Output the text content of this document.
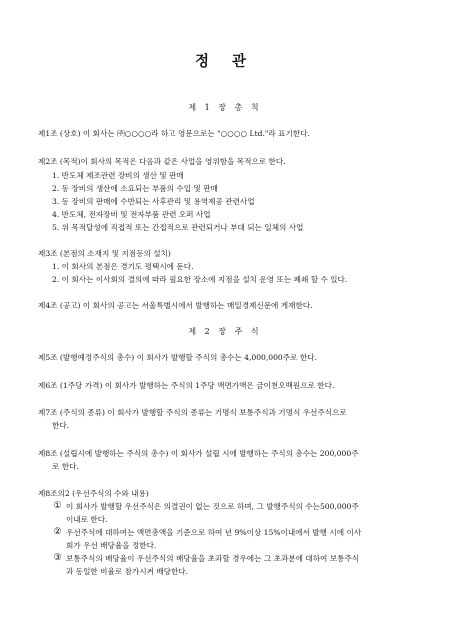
정 관
제 1 장 총 칙
제1조 (상호) 이 회사는 ㈜○○○○라 하고 영문으로는 "○○○○ Ltd."라 표기한다.
제2조 (목적)이 회사의 목적은 다음과 같은 사업을 영위함을 목적으로 한다.
1. 반도체 제조관련 장비의 생산 및 판매
2. 동 장비의 생산에 소요되는 부품의 수입 및 판매
3. 동 장비의 판매에 수반되는 사후관리 및 용역제공 관련사업
4. 반도체, 전자장비 및 전자부품 관련 오퍼 사업
5. 위 목적달성에 직접적 또는 간접적으로 관련되거나 부대 되는 일체의 사업
제3조 (본점의 소재지 및 지점등의 설치)
1. 이 회사의 본점은 경기도 평택시에 둔다.
2. 이 회사는 이사회의 결의에 따라 필요한 장소에 지점을 설치 운영 또는 폐쇄 할 수 있다.
제4조 (공고) 이 회사의 공고는 서울특별시에서 발행하는 매일경제신문에 게재한다.
제 2 장 주 식
제5조 (발행예정주식의 총수) 이 회사가 발행할 주식의 총수는 4,000,000주로 한다.
제6조 (1주당 가격) 이 회사가 발행하는 주식의 1주당 액면가액은 금이천오백원으로 한다.
제7조 (주식의 종류) 이 회사가 발행할 주식의 종류는 기명식 보통주식과 기명식 우선주식으로
한다.
제8조 (설립시에 발행하는 주식의 총수) 이 회사가 설립 시에 발행하는 주식의 총수는 200,000주
로 한다.
제8조의2 (우선주식의 수와 내용)
① 이 회사가 발행할 우선주식은 의결권이 없는 것으로 하며, 그 발행주식의 수는500,000주
이내로 한다.
② 우선주식에 대하여는 액면총액을 기준으로 하여 년 9%이상 15%이내에서 발행 시에 이사
회가 우선 배당율을 정한다.
③ 보통주식의 배당율이 우선주식의 배당율을 초과할 경우에는 그 초과분에 대하여 보통주식
과 동일한 비율로 참가시켜 배당한다.
